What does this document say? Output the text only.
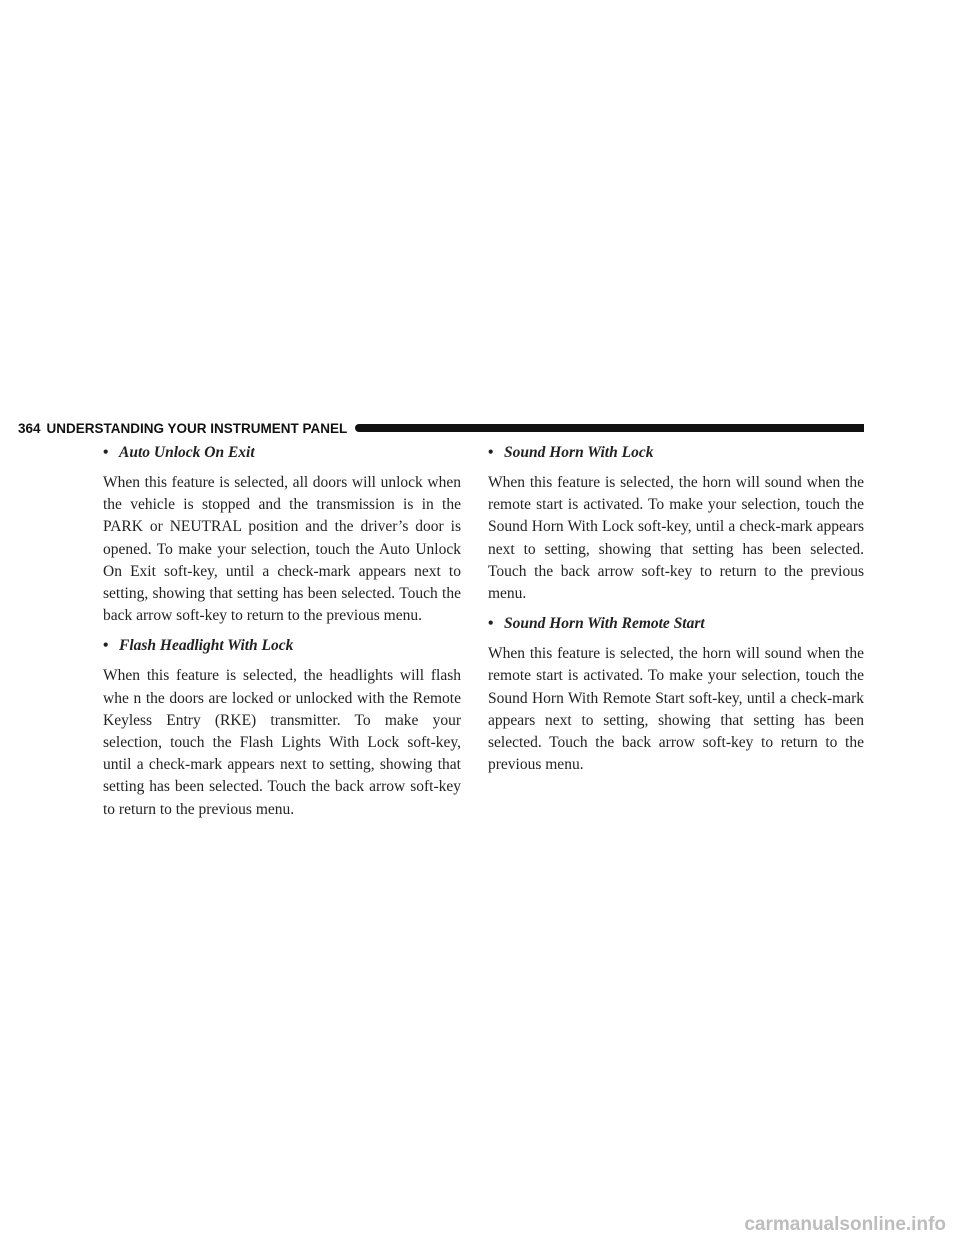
364 UNDERSTANDING YOUR INSTRUMENT PANEL
• Auto Unlock On Exit

When this feature is selected, all doors will unlock when the vehicle is stopped and the transmission is in the PARK or NEUTRAL position and the driver’s door is opened. To make your selection, touch the Auto Unlock On Exit soft-key, until a check-mark appears next to setting, showing that setting has been selected. Touch the back arrow soft-key to return to the previous menu.

• Flash Headlight With Lock

When this feature is selected, the headlights will flash whe n the doors are locked or unlocked with the Remote Keyless Entry (RKE) transmitter. To make your selection, touch the Flash Lights With Lock soft-key, until a check-mark appears next to setting, showing that setting has been selected. Touch the back arrow soft-key to return to the previous menu.

• Sound Horn With Lock

When this feature is selected, the horn will sound when the remote start is activated. To make your selection, touch the Sound Horn With Lock soft-key, until a check-mark appears next to setting, showing that setting has been selected. Touch the back arrow soft-key to return to the previous menu.

• Sound Horn With Remote Start

When this feature is selected, the horn will sound when the remote start is activated. To make your selection, touch the Sound Horn With Remote Start soft-key, until a check-mark appears next to setting, showing that setting has been selected. Touch the back arrow soft-key to return to the previous menu.

carmanualsonline.info
